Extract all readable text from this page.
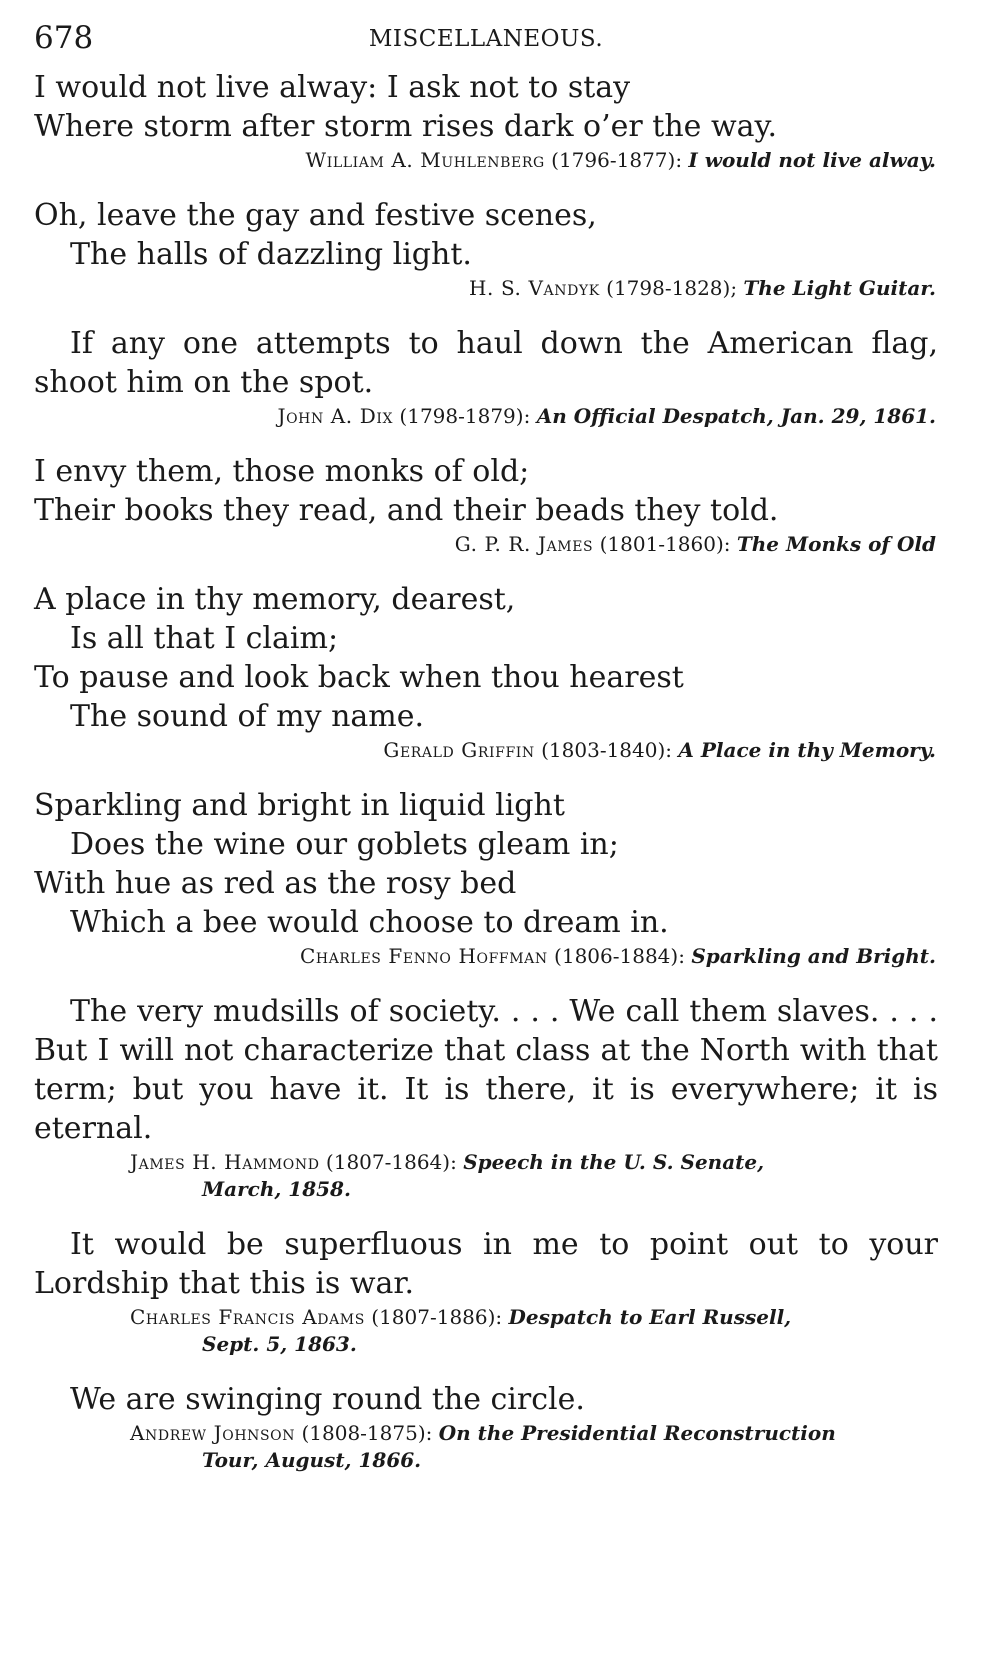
678	MISCELLANEOUS.
I would not live alway: I ask not to stay
Where storm after storm rises dark o’er the way.
William A. Muhlenberg (1796-1877): I would not live alway.
Oh, leave the gay and festive scenes,
The halls of dazzling light.
H. S. Vandyk (1798-1828); The Light Guitar.
If any one attempts to haul down the American flag, shoot him on the spot.
John A. Dix (1798-1879): An Official Despatch, Jan. 29, 1861.
I envy them, those monks of old;
Their books they read, and their beads they told.
G. P. R. James (1801-1860): The Monks of Old
A place in thy memory, dearest,
Is all that I claim;
To pause and look back when thou hearest
The sound of my name.
Gerald Griffin (1803-1840): A Place in thy Memory.
Sparkling and bright in liquid light
Does the wine our goblets gleam in;
With hue as red as the rosy bed
Which a bee would choose to dream in.
Charles Fenno Hoffman (1806-1884): Sparkling and Bright.
The very mudsills of society. . . . We call them slaves. . . . But I will not characterize that class at the North with that term; but you have it. It is there, it is everywhere; it is eternal.
James H. Hammond (1807-1864): Speech in the U. S. Senate,
March, 1858.
It would be superfluous in me to point out to your Lordship that this is war.
Charles Francis Adams (1807-1886): Despatch to Earl Russell,
Sept. 5, 1863.
We are swinging round the circle.
Andrew Johnson (1808-1875): On the Presidential Reconstruction
Tour, August, 1866.
